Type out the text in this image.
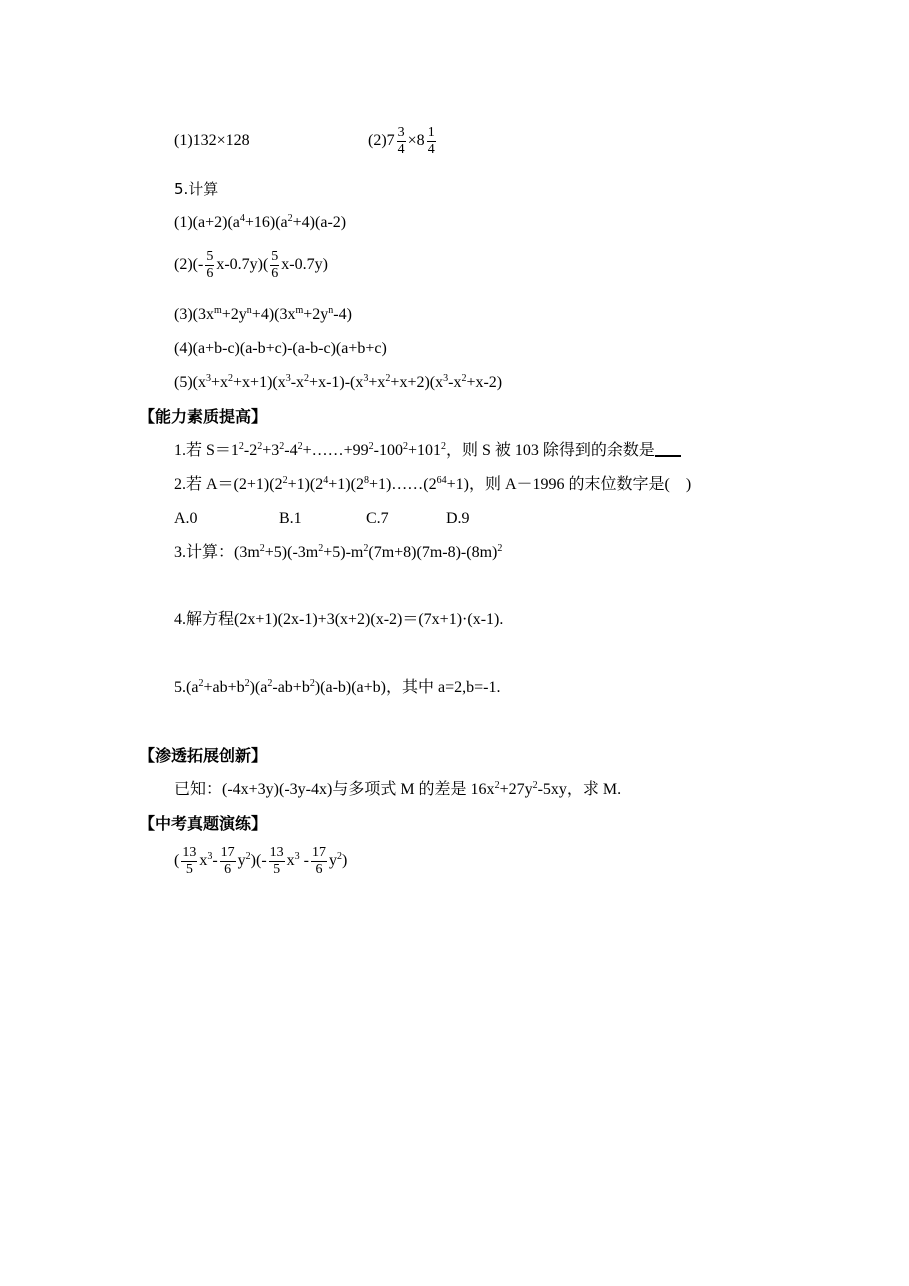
(1)132×128	$(2)7 \frac{3}{4} \times 8 \frac{1}{4}$
5.计算
$(1)(a+2)(a^4+16)(a^2+4)(a-2)$
$(2)(- \frac{5}{6} x-0.7y)( \frac{5}{6} x-0.7y)$
$(3)(3x^m+2y^n+4)(3x^m+2y^n-4)$
(4)(a+b-c)(a-b+c)-(a-b-c)(a+b+c)
$(5)(x^3+x^2+x+1)(x^3-x^2+x-1)-(x^3+x^2+x+2)(x^3-x^2+x-2)$
【能力素质提高】
1.若 $S=1^2-2^2+3^2-4^2+\dots\dots+99^2-100^2+101^2$，则 S 被 103 除得到的余数是
2.若 $A=(2+1)(2^2+1)(2^4+1)(2^8+1)\dots\dots(2^{64}+1)$，则 A－1996 的末位数字是(　)
A.0	B.1	C.7	D.9
3.计算：$(3m^2+5)(-3m^2+5)-m^2(7m+8)(7m-8)-(8m)^2$
4.解方程(2x+1)(2x-1)+3(x+2)(x-2)＝(7x+1)·(x-1).
$5.(a^2+ab+b^2)(a^2-ab+b^2)(a-b)(a+b)$，其中 a=2,b=-1.
【渗透拓展创新】
已知：(-4x+3y)(-3y-4x)与多项式 M 的差是 $16x^2+27y^2-5xy$，求 M.
【中考真题演练】
( $\frac{13}{5} x^3- \frac{17}{6} y^2)(- \frac{13}{5} x^3 - \frac{17}{6} y^2)$
